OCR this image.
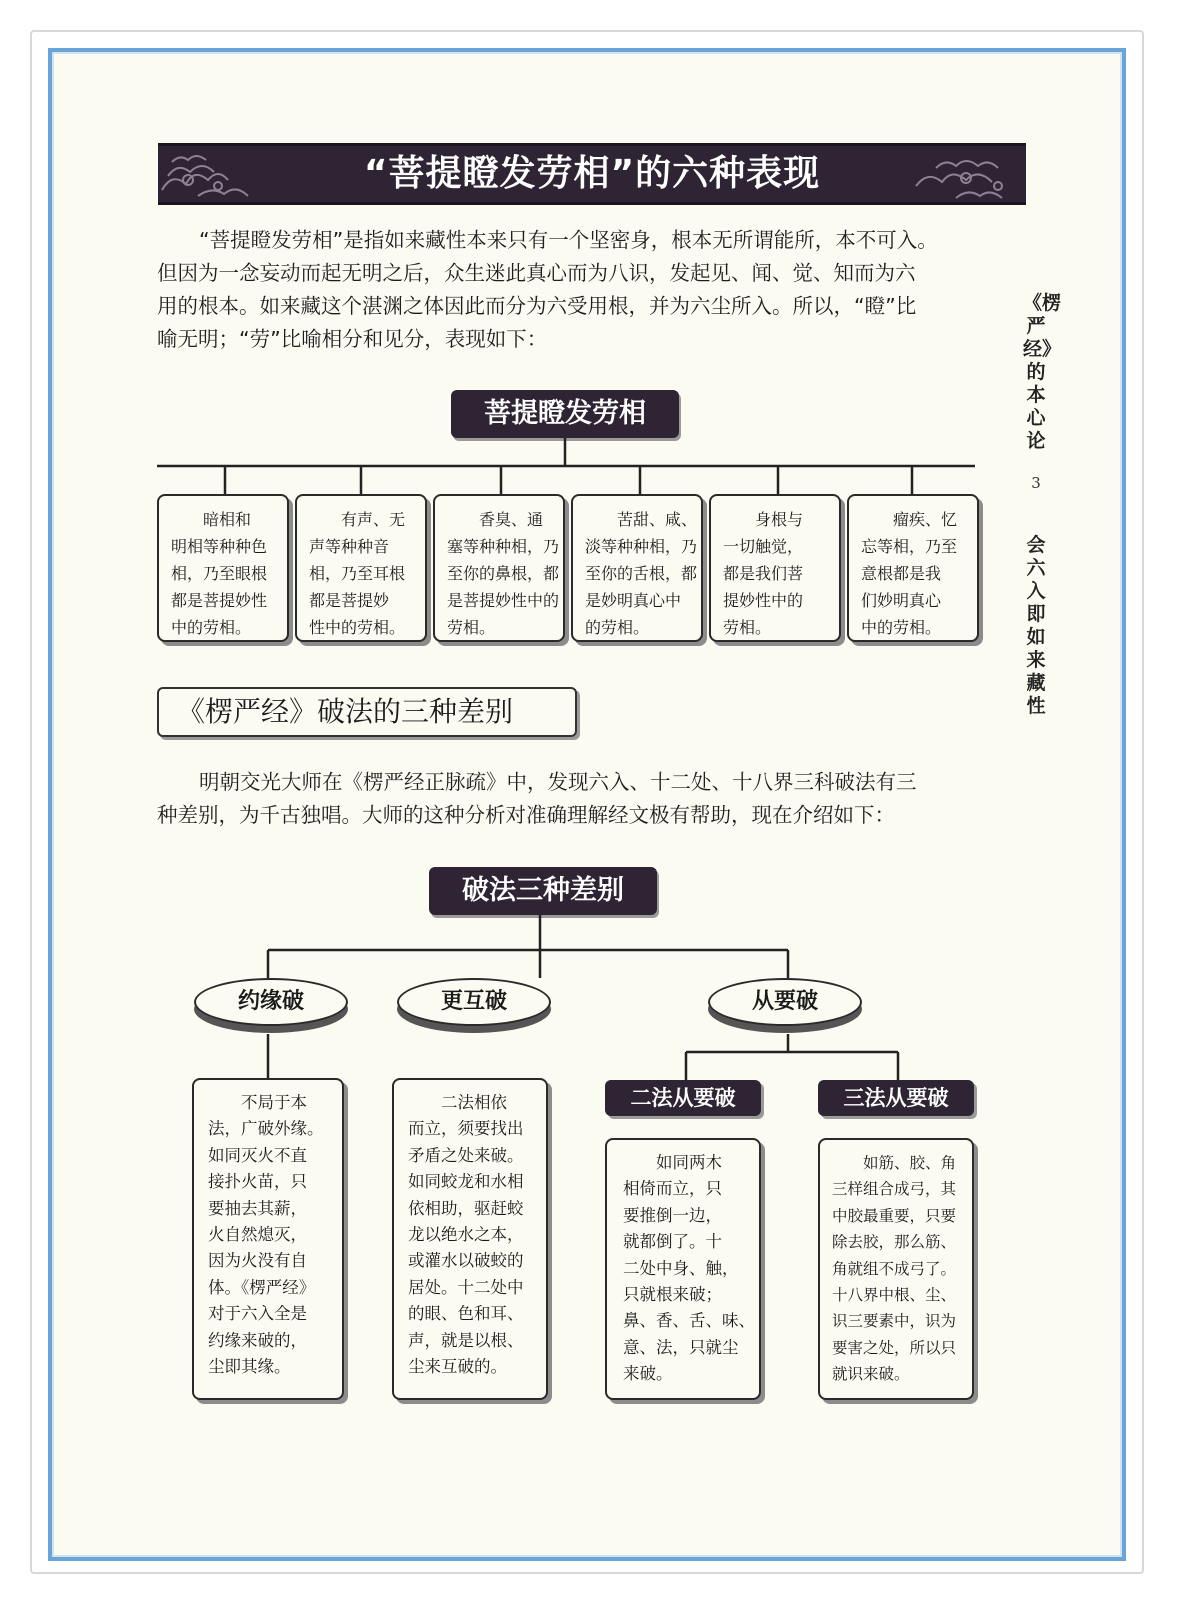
“菩提瞪发劳相”的六种表现
“菩提瞪发劳相”是指如来藏性本来只有一个坚密身，根本无所谓能所，本不可入。
但因为一念妄动而起无明之后，众生迷此真心而为八识，发起见、闻、觉、知而为六
用的根本。如来藏这个湛渊之体因此而分为六受用根，并为六尘所入。所以，“瞪”比
喻无明；“劳”比喻相分和见分，表现如下：
菩提瞪发劳相
暗相和
明相等种种色
相，乃至眼根
都是菩提妙性
中的劳相。
有声、无
声等种种音
相，乃至耳根
都是菩提妙
性中的劳相。
香臭、通
塞等种种相，乃
至你的鼻根，都
是菩提妙性中的
劳相。
苦甜、咸、
淡等种种相，乃
至你的舌根，都
是妙明真心中
的劳相。
身根与
一切触觉，
都是我们菩
提妙性中的
劳相。
瘤疾、忆
忘等相，乃至
意根都是我
们妙明真心
中的劳相。
《楞严经》破法的三种差别
明朝交光大师在《楞严经正脉疏》中，发现六入、十二处、十八界三科破法有三
种差别，为千古独唱。大师的这种分析对准确理解经文极有帮助，现在介绍如下：
破法三种差别
约缘破	更互破	从要破
二法从要破	三法从要破
不局于本
法，广破外缘。
如同灭火不直
接扑火苗，只
要抽去其薪，
火自然熄灭，
因为火没有自
体。《楞严经》
对于六入全是
约缘来破的，
尘即其缘。
二法相依
而立，须要找出
矛盾之处来破。
如同蛟龙和水相
依相助，驱赶蛟
龙以绝水之本，
或灌水以破蛟的
居处。十二处中
的眼、色和耳、
声，就是以根、
尘来互破的。
如同两木
相倚而立，只
要推倒一边，
就都倒了。十
二处中身、触，
只就根来破；
鼻、香、舌、味、
意、法，只就尘
来破。
如筋、胶、角
三样组合成弓，其
中胶最重要，只要
除去胶，那么筋、
角就组不成弓了。
十八界中根、尘、
识三要素中，识为
要害之处，所以只
就识来破。
《楞严经》的本心论
3
会六入即如来藏性
